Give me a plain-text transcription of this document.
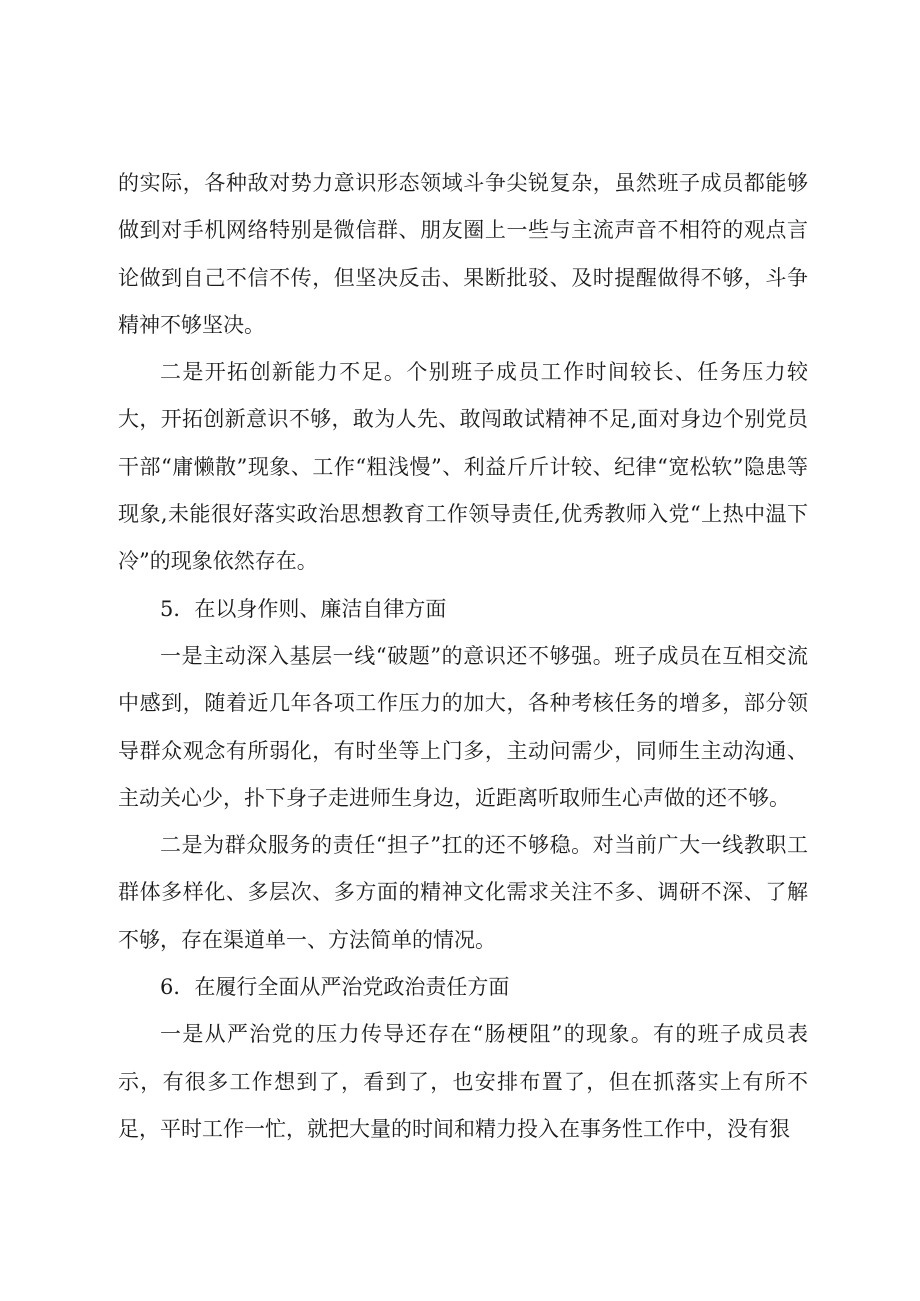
的实际，各种敌对势力意识形态领域斗争尖锐复杂，虽然班子成员都能够做到对手机网络特别是微信群、朋友圈上一些与主流声音不相符的观点言论做到自己不信不传，但坚决反击、果断批驳、及时提醒做得不够，斗争精神不够坚决。

二是开拓创新能力不足。个别班子成员工作时间较长、任务压力较大，开拓创新意识不够，敢为人先、敢闯敢试精神不足,面对身边个别党员干部“庸懒散”现象、工作“粗浅慢”、利益斤斤计较、纪律“宽松软”隐患等现象,未能很好落实政治思想教育工作领导责任,优秀教师入党“上热中温下冷”的现象依然存在。

5．在以身作则、廉洁自律方面

一是主动深入基层一线“破题”的意识还不够强。班子成员在互相交流中感到，随着近几年各项工作压力的加大，各种考核任务的增多，部分领导群众观念有所弱化，有时坐等上门多，主动问需少，同师生主动沟通、主动关心少，扑下身子走进师生身边，近距离听取师生心声做的还不够。

二是为群众服务的责任“担子”扛的还不够稳。对当前广大一线教职工群体多样化、多层次、多方面的精神文化需求关注不多、调研不深、了解不够，存在渠道单一、方法简单的情况。

6．在履行全面从严治党政治责任方面

一是从严治党的压力传导还存在“肠梗阻”的现象。有的班子成员表示，有很多工作想到了，看到了，也安排布置了，但在抓落实上有所不足，平时工作一忙，就把大量的时间和精力投入在事务性工作中，没有狠
